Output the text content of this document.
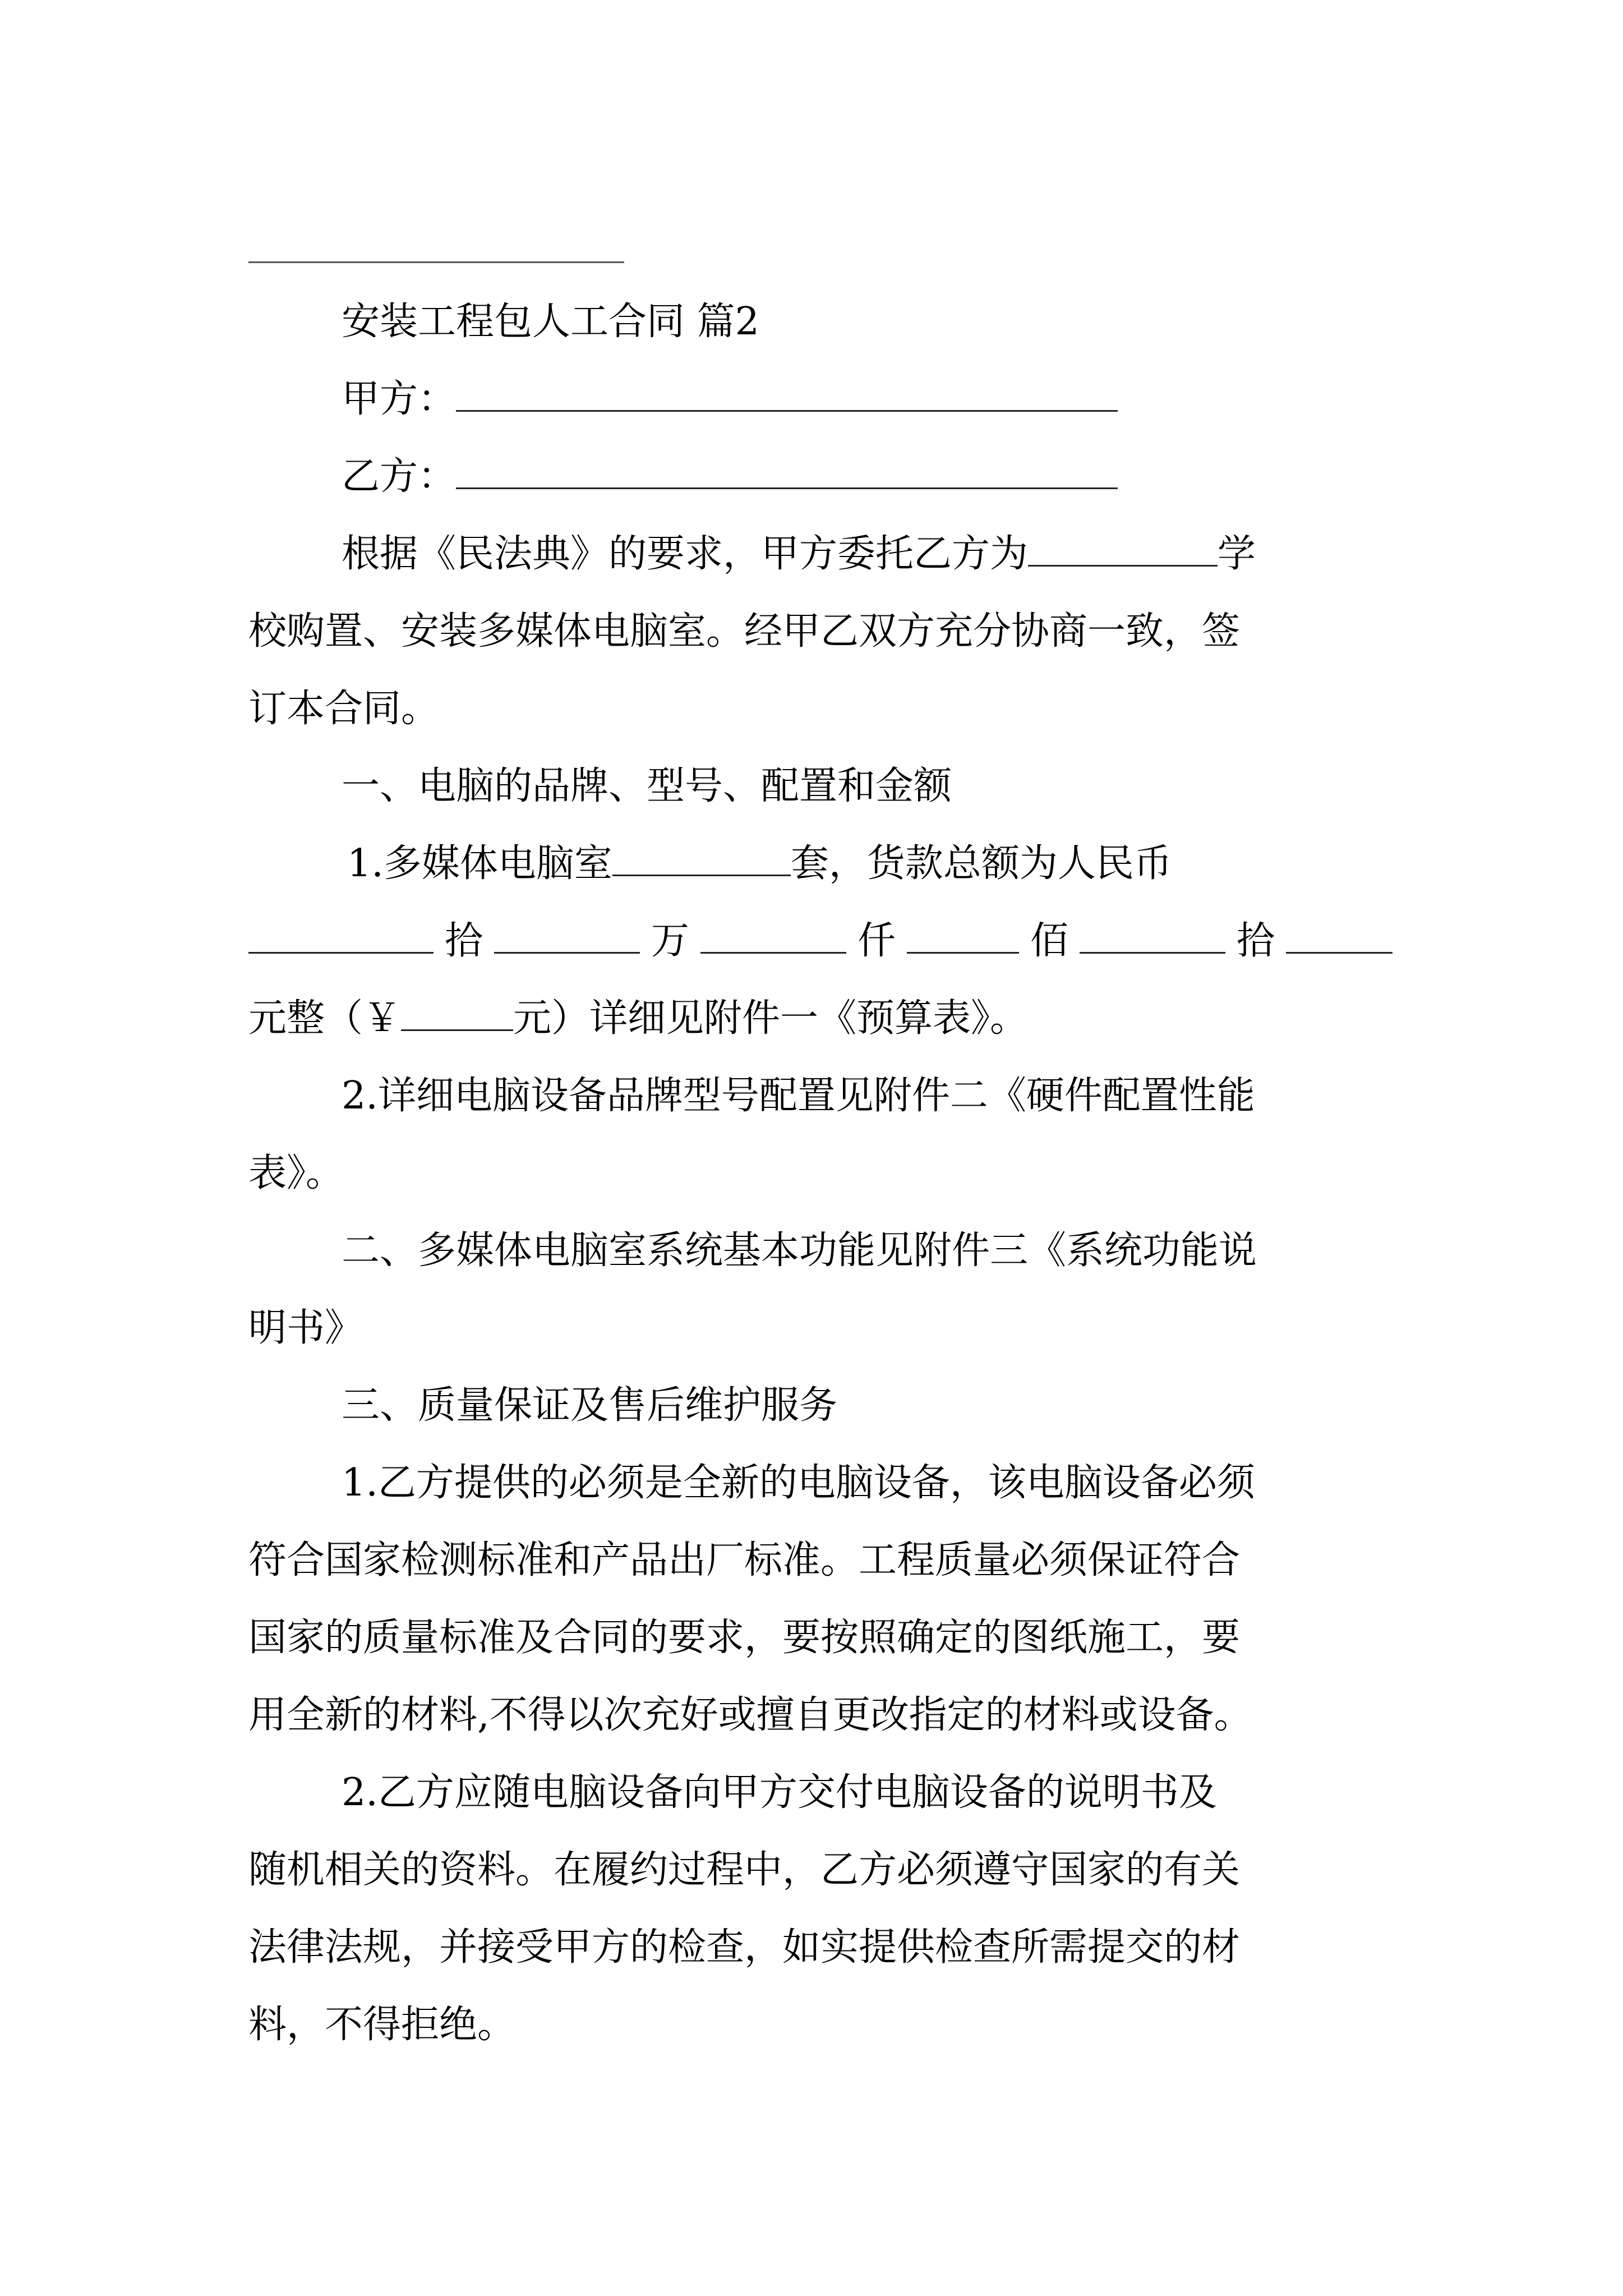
安装工程包人工合同 篇2
甲方：
乙方：
根据《民法典》的要求，甲方委托乙方为	学
校购置、安装多媒体电脑室。经甲乙双方充分协商一致，签
订本合同。
一、电脑的品牌、型号、配置和金额
1.多媒体电脑室	套，货款总额为人民币
拾	万	仟	佰	拾
元整（￥	元）详细见附件一《预算表》。
2.详细电脑设备品牌型号配置见附件二《硬件配置性能
表》。
二、多媒体电脑室系统基本功能见附件三《系统功能说
明书》
三、质量保证及售后维护服务
1.乙方提供的必须是全新的电脑设备，该电脑设备必须
符合国家检测标准和产品出厂标准。工程质量必须保证符合
国家的质量标准及合同的要求，要按照确定的图纸施工，要
用全新的材料,不得以次充好或擅自更改指定的材料或设备。
2.乙方应随电脑设备向甲方交付电脑设备的说明书及
随机相关的资料。在履约过程中，乙方必须遵守国家的有关
法律法规，并接受甲方的检查，如实提供检查所需提交的材
料，不得拒绝。
